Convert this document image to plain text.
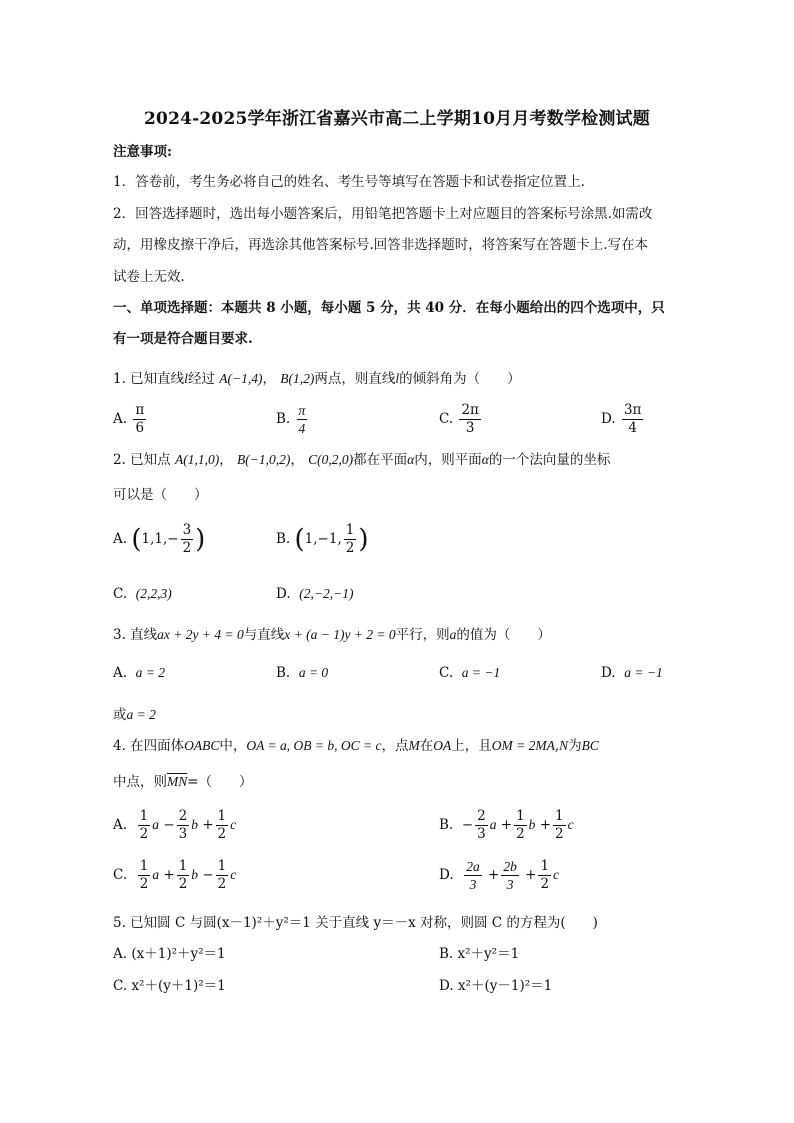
2024-2025学年浙江省嘉兴市高二上学期10月月考数学检测试题
注意事项:
1．答卷前，考生务必将自己的姓名、考生号等填写在答题卡和试卷指定位置上.
2．回答选择题时，选出每小题答案后，用铅笔把答题卡上对应题目的答案标号涂黑.如需改
动，用橡皮擦干净后，再选涂其他答案标号.回答非选择题时，将答案写在答题卡上.写在本
试卷上无效.
一、单项选择题：本题共 8 小题，每小题 5 分，共 40 分．在每小题给出的四个选项中，只
有一项是符合题目要求.
1. 已知直线l经过 A(−1,4)， B(1,2)两点，则直线l的倾斜角为（　　）
A. $\frac{\pi}{6}$	B. $\frac{\pi}{4}$	C. $\frac{2\pi}{3}$	D. $\frac{3\pi}{4}$
2. 已知点 A(1,1,0)， B(−1,0,2)， C(0,2,0)都在平面α内，则平面α的一个法向量的坐标
可以是（　　）
A. ($1,1,- \frac{3}{2}$ )	B. (1,−1, $\frac{1}{2}$ )
C. (2,2,3)	D. (2,−2,−1)
3. 直线ax + 2y + 4 = 0与直线x + (a − 1)y + 2 = 0平行，则a的值为（　　）
A. a = 2	B. a = 0	C. a = −1	D. a = −1
或a = 2
4. 在四面体OABC中，OA = a, OB = b, OC = c，点M在OA上，且OM = 2MA,N为BC
中点，则$\overline{MN}=$（　　）
A. $\frac{1}{2}$ $a - \frac{2}{3}$ $b + \frac{1}{2}$ c	B. − $\frac{2}{3}$ $a + \frac{1}{2}$ $b + \frac{1}{2}$ c
C. $\frac{1}{2}$ $a + \frac{1}{2}$ $b - \frac{1}{2}$ c	D. $\frac{2a}{3} + \frac{2b}{3} + \frac{1}{2}$ c
5. 已知圆 C 与圆(x－1)²＋y²＝1 关于直线 y＝－x 对称，则圆 C 的方程为(　　)
A. (x＋1)²＋y²＝1	B. x²＋y²＝1
C. x²＋(y＋1)²＝1	D. x²＋(y－1)²＝1
